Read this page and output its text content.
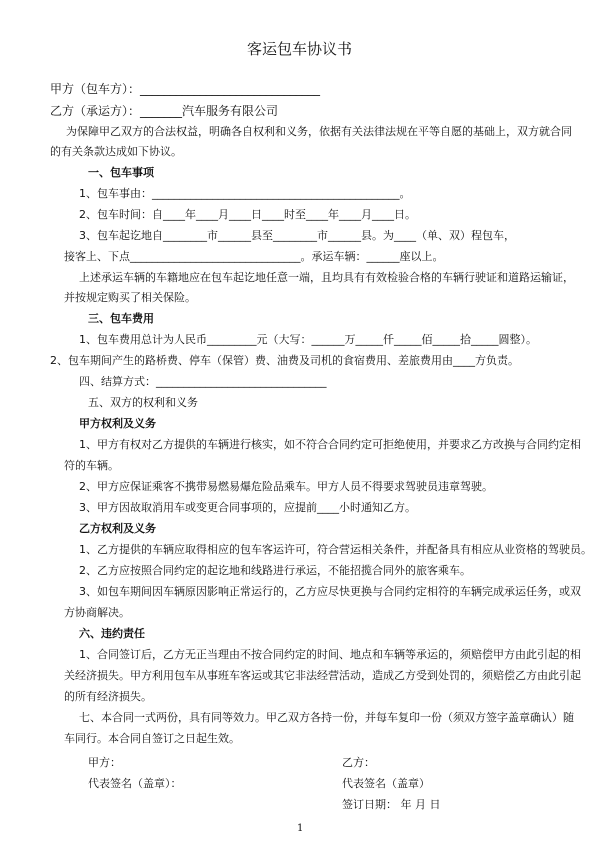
客运包车协议书
甲方（包车方）：______________________________
乙方（承运方）：_______汽车服务有限公司
为保障甲乙双方的合法权益，明确各自权利和义务，依据有关法律法规在平等自愿的基础上，双方就合同
的有关条款达成如下协议。
一、包车事项
1、包车事由：_____________________________________________。
2、包车时间：自____年____月____日____时至____年____月____日。
3、包车起讫地自________市______县至________市______县。为____（单、双）程包车，
接客上、下点_______________________________。承运车辆：______座以上。
上述承运车辆的车籍地应在包车起讫地任意一端，且均具有有效检验合格的车辆行驶证和道路运输证，
并按规定购买了相关保险。
三、包车费用
1、包车费用总计为人民币_________元（大写：______万_____仟_____佰_____拾_____圆整）。
2、包车期间产生的路桥费、停车（保管）费、油费及司机的食宿费用、差旅费用由____方负责。
四、结算方式：_______________________________
五、双方的权利和义务
甲方权利及义务
1、甲方有权对乙方提供的车辆进行核实，如不符合合同约定可拒绝使用，并要求乙方改换与合同约定相
符的车辆。
2、甲方应保证乘客不携带易燃易爆危险品乘车。甲方人员不得要求驾驶员违章驾驶。
3、甲方因故取消用车或变更合同事项的，应提前____小时通知乙方。
乙方权利及义务
1、乙方提供的车辆应取得相应的包车客运许可，符合营运相关条件，并配备具有相应从业资格的驾驶员。
2、乙方应按照合同约定的起讫地和线路进行承运，不能招揽合同外的旅客乘车。
3、如包车期间因车辆原因影响正常运行的，乙方应尽快更换与合同约定相符的车辆完成承运任务，或双
方协商解决。
六、违约责任
1、合同签订后，乙方无正当理由不按合同约定的时间、地点和车辆等承运的，须赔偿甲方由此引起的相
关经济损失。甲方利用包车从事班车客运或其它非法经营活动，造成乙方受到处罚的，须赔偿乙方由此引起
的所有经济损失。
七、本合同一式两份，具有同等效力。甲乙双方各持一份，并每车复印一份（须双方签字盖章确认）随
车同行。本合同自签订之日起生效。
甲方：	乙方：
代表签名（盖章）：	代表签名（盖章）
签订日期： 年 月 日
1
